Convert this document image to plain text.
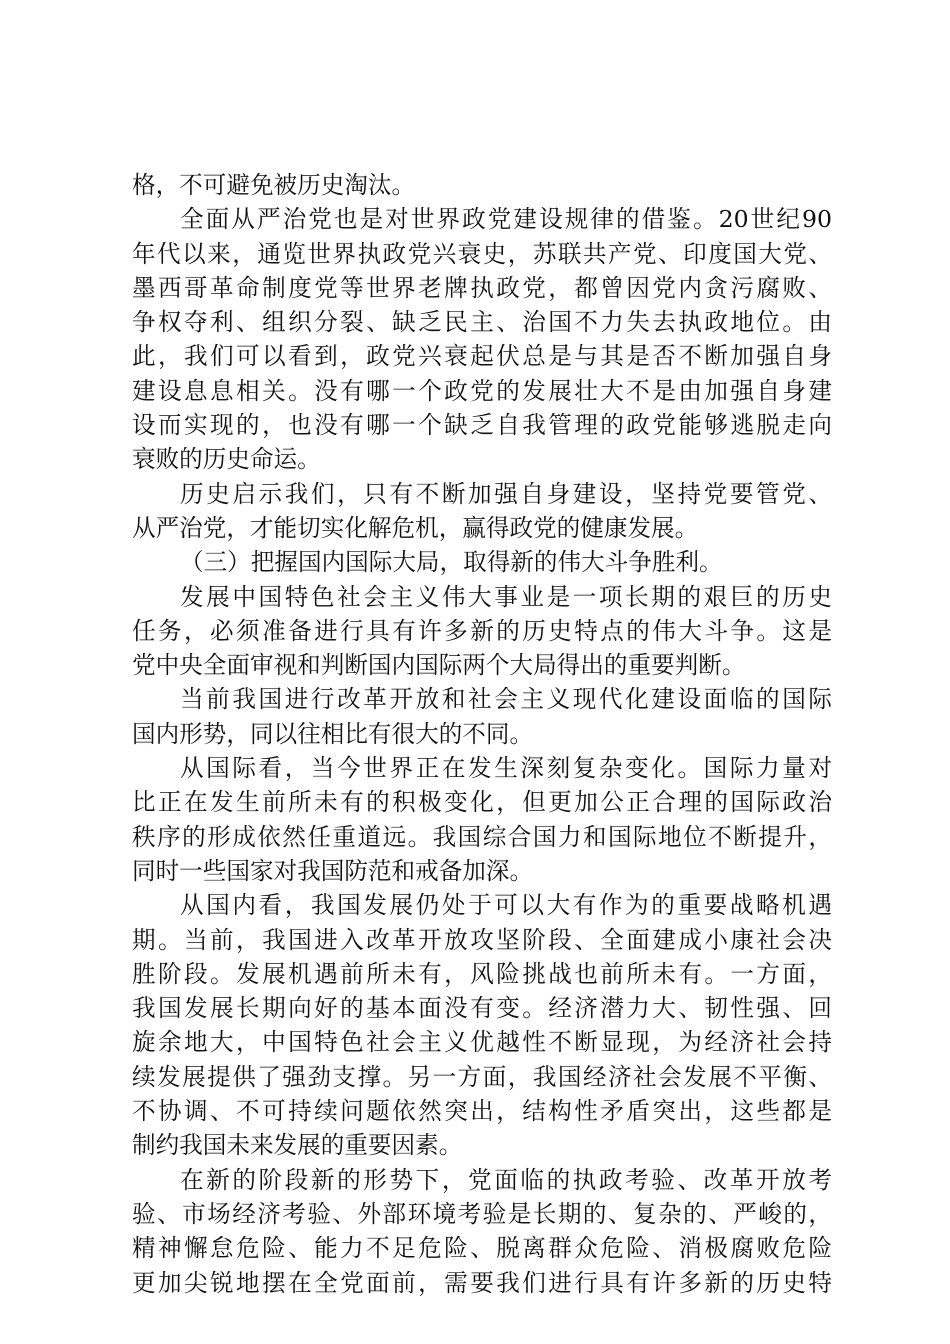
格，不可避免被历史淘汰。
全面从严治党也是对世界政党建设规律的借鉴。20世纪90
年代以来，通览世界执政党兴衰史，苏联共产党、印度国大党、
墨西哥革命制度党等世界老牌执政党，都曾因党内贪污腐败、
争权夺利、组织分裂、缺乏民主、治国不力失去执政地位。由
此，我们可以看到，政党兴衰起伏总是与其是否不断加强自身
建设息息相关。没有哪一个政党的发展壮大不是由加强自身建
设而实现的，也没有哪一个缺乏自我管理的政党能够逃脱走向
衰败的历史命运。
历史启示我们，只有不断加强自身建设，坚持党要管党、
从严治党，才能切实化解危机，赢得政党的健康发展。
（三）把握国内国际大局，取得新的伟大斗争胜利。
发展中国特色社会主义伟大事业是一项长期的艰巨的历史
任务，必须准备进行具有许多新的历史特点的伟大斗争。这是
党中央全面审视和判断国内国际两个大局得出的重要判断。
当前我国进行改革开放和社会主义现代化建设面临的国际
国内形势，同以往相比有很大的不同。
从国际看，当今世界正在发生深刻复杂变化。国际力量对
比正在发生前所未有的积极变化，但更加公正合理的国际政治
秩序的形成依然任重道远。我国综合国力和国际地位不断提升，
同时一些国家对我国防范和戒备加深。
从国内看，我国发展仍处于可以大有作为的重要战略机遇
期。当前，我国进入改革开放攻坚阶段、全面建成小康社会决
胜阶段。发展机遇前所未有，风险挑战也前所未有。一方面，
我国发展长期向好的基本面没有变。经济潜力大、韧性强、回
旋余地大，中国特色社会主义优越性不断显现，为经济社会持
续发展提供了强劲支撑。另一方面，我国经济社会发展不平衡、
不协调、不可持续问题依然突出，结构性矛盾突出，这些都是
制约我国未来发展的重要因素。
在新的阶段新的形势下，党面临的执政考验、改革开放考
验、市场经济考验、外部环境考验是长期的、复杂的、严峻的，
精神懈怠危险、能力不足危险、脱离群众危险、消极腐败危险
更加尖锐地摆在全党面前，需要我们进行具有许多新的历史特
